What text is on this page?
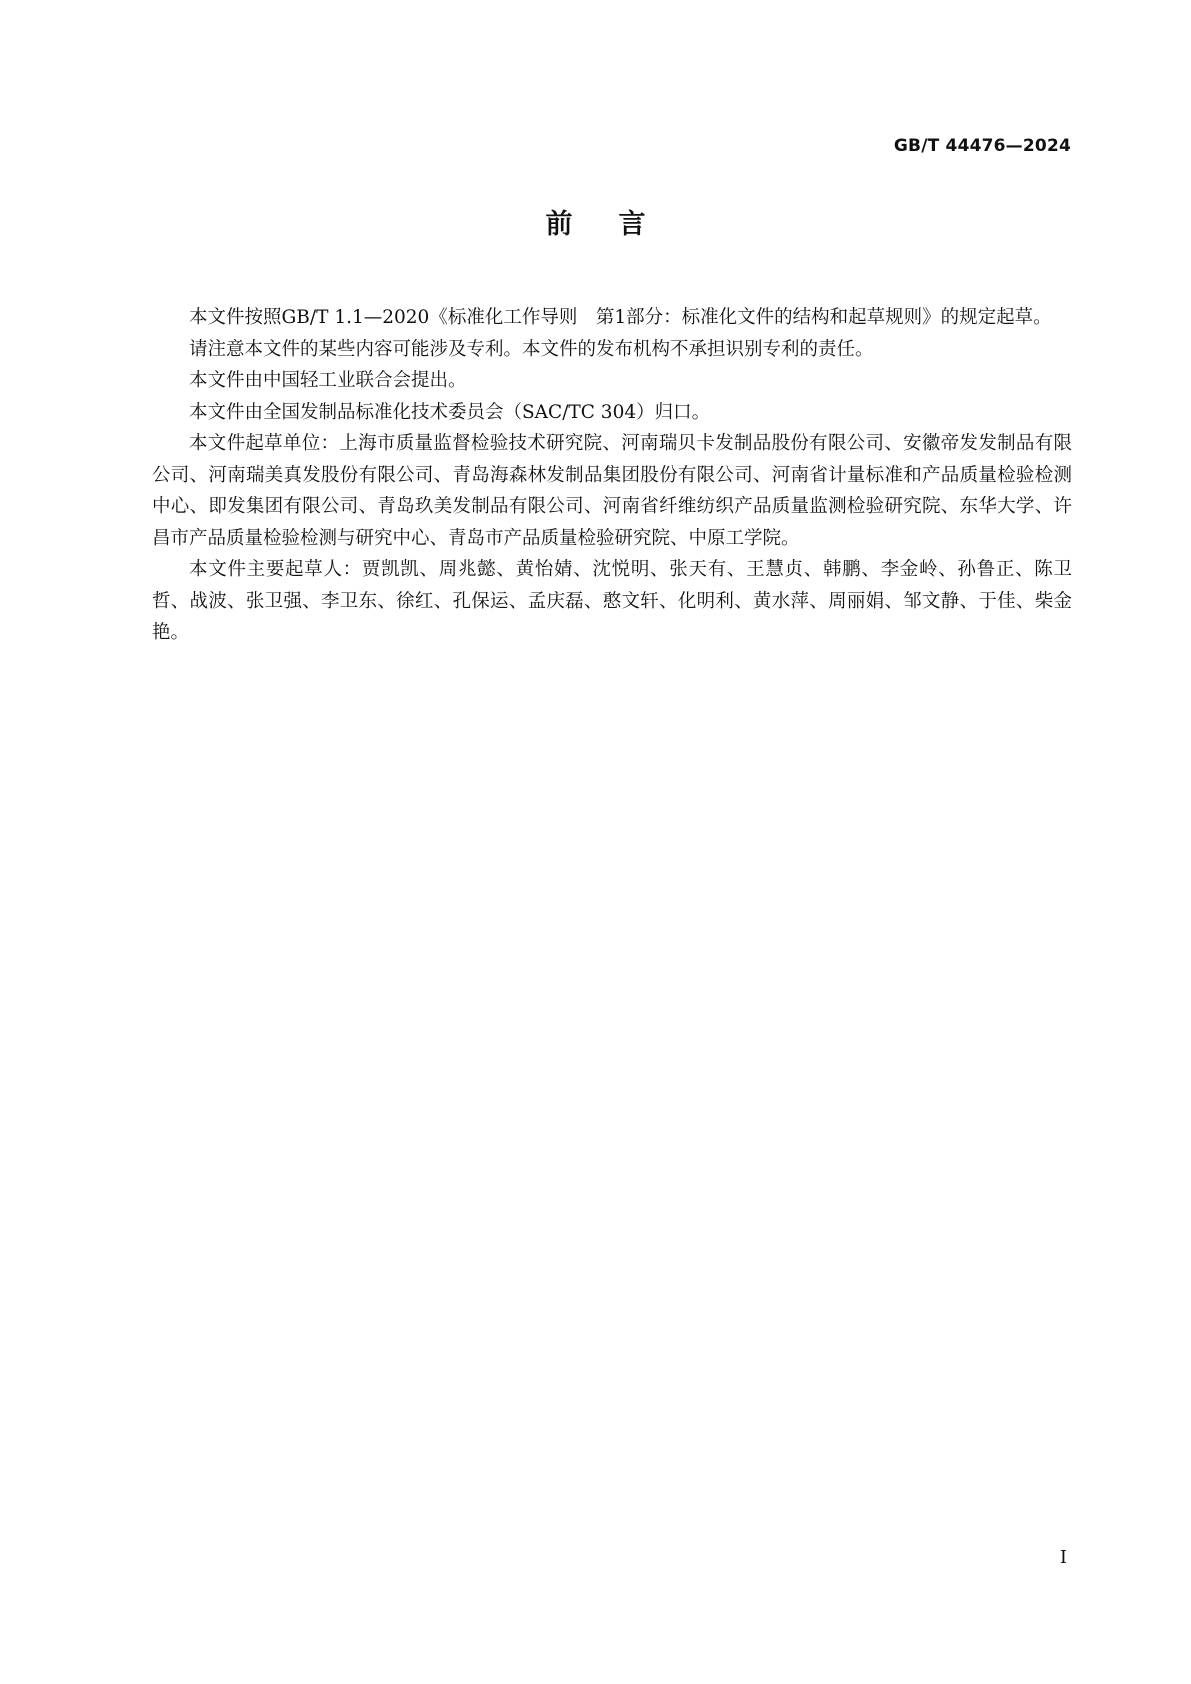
GB/T 44476—2024
前言

本文件按照GB/T 1.1—2020《标准化工作导则　第1部分：标准化文件的结构和起草规则》的规定起草。

请注意本文件的某些内容可能涉及专利。本文件的发布机构不承担识别专利的责任。

本文件由中国轻工业联合会提出。

本文件由全国发制品标准化技术委员会（SAC/TC 304）归口。

本文件起草单位：上海市质量监督检验技术研究院、河南瑞贝卡发制品股份有限公司、安徽帝发发制品有限公司、河南瑞美真发股份有限公司、青岛海森林发制品集团股份有限公司、河南省计量标准和产品质量检验检测中心、即发集团有限公司、青岛玖美发制品有限公司、河南省纤维纺织产品质量监测检验研究院、东华大学、许昌市产品质量检验检测与研究中心、青岛市产品质量检验研究院、中原工学院。

本文件主要起草人：贾凯凯、周兆懿、黄怡婧、沈悦明、张天有、王慧贞、韩鹏、李金岭、孙鲁正、陈卫哲、战波、张卫强、李卫东、徐红、孔保运、孟庆磊、憨文轩、化明利、黄水萍、周丽娟、邹文静、于佳、柴金艳。

I
